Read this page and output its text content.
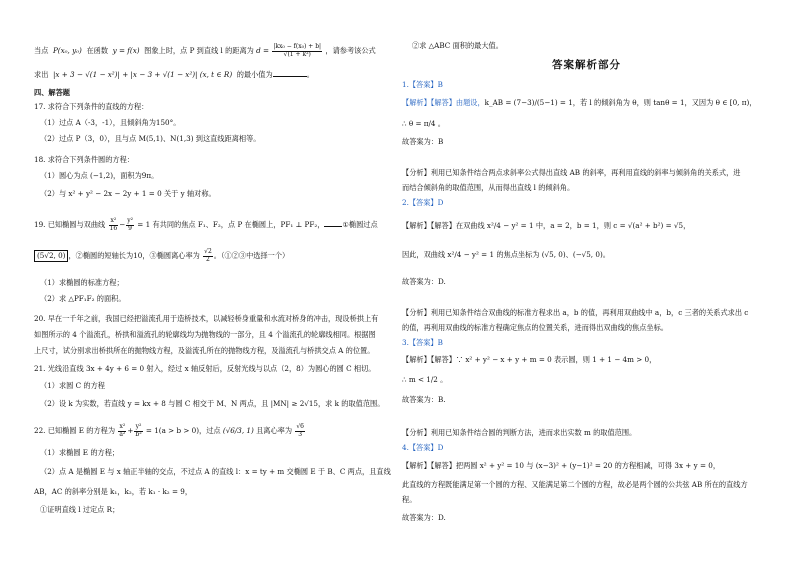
当点 P(x₀, y₀) 在函数 y = f(x) 图象上时，点 P 到直线 l 的距离为 $d = \frac{\text{|kx₀ − f(x₀) + b|}}{\text{√(1 + k²)}}$ ，请参考该公式
求出 |x + 3 − √(1 − x²)| + |x − 3 + √(1 − x²)| (x, t ∈ R) 的最小值为	。
四、解答题
17. 求符合下列条件的直线的方程：
（1）过点 A（-3，-1），且倾斜角为150°。
（2）过点 P（3，0），且与点 M(5,1)、N(1,3) 到这直线距离相等。
18. 求符合下列条件圆的方程：
（1）圆心为点 (−1,2)，面积为9π。
（2）与 x² + y² − 2x − 2y + 1 = 0 关于 y 轴对称。
19. 已知椭圆与双曲线 $\frac{\text{x²}}{16} - \frac{\text{y²}}{9} = 1$ 有共同的焦点 F₁、F₂，点 P 在椭圆上，PF₁ ⊥ PF₂，	①椭圆过点
(5√2, 0) ，②椭圆的短轴长为10，③椭圆离心率为 $\frac{√2}{2}$ 。（①②③中选择一个）
（1）求椭圆的标准方程；
（2）求 △PF₁F₂ 的面积。
20. 早在一千年之前，我国已经把溢流孔用于造桥技术，以减轻桥身重量和水流对桥身的冲击，现设桥拱上有
如图所示的 4 个溢流孔，桥拱和溢流孔的轮廓线均为抛物线的一部分，且 4 个溢流孔的轮廓线相同。根据图
上尺寸，试分别求出桥拱所在的抛物线方程，及溢流孔所在的抛物线方程，及溢流孔与桥拱交点 A 的位置。
21. 光线沿直线 3x + 4y + 6 = 0 射入，经过 x 轴反射后，反射光线与以点（2，8）为圆心的圆 C 相切。
（1）求圆 C 的方程
（2）设 k 为实数，若直线 y = kx + 8 与圆 C 相交于 M、N 两点，且 |MN| ≥ 2√15，求 k 的取值范围。
22. 已知椭圆 E 的方程为 $\frac{\text{x²}}{\text{a²}} + \frac{\text{y²}}{\text{b²}} = 1(a > b > 0)$，过点 (√6/3, 1) 且离心率为 $\frac{√6}{3}$
（1）求椭圆 E 的方程；
（2）点 A 是椭圆 E 与 x 轴正半轴的交点，不过点 A 的直线 l：x = ty + m 交椭圆 E 于 B、C 两点，且直线
AB，AC 的斜率分别是 k₁，k₂，若 k₁ · k₂ = 9，
①证明直线 l 过定点 R；
②求 △ABC 面积的最大值。
答案解析部分
1.【答案】B
【解析】【解答】由题设，k_AB = (7−3)/(5−1) = 1，若 l 的倾斜角为 θ，则 tanθ = 1，又因为 θ ∈ [0, π)，
∴ θ = π/4 。
故答案为：B
【分析】利用已知条件结合两点求斜率公式得出直线 AB 的斜率，再利用直线的斜率与倾斜角的关系式，进
而结合倾斜角的取值范围，从而得出直线 l 的倾斜角。
2.【答案】D
【解析】【解答】在双曲线 x²/4 − y² = 1 中，a = 2，b = 1，则 c = √(a² + b²) = √5，
因此，双曲线 x²/4 − y² = 1 的焦点坐标为 (√5, 0)、(−√5, 0)。
故答案为：D.
【分析】利用已知条件结合双曲线的标准方程求出 a，b 的值，再利用双曲线中 a，b，c 三者的关系式求出 c
的值，再利用双曲线的标准方程确定焦点的位置关系，进而得出双曲线的焦点坐标。
3.【答案】B
【解析】【解答】∵ x² + y² − x + y + m = 0 表示圆，则 1 + 1 − 4m > 0，
∴ m < 1/2 。
故答案为：B.
【分析】利用已知条件结合圆的判断方法，进而求出实数 m 的取值范围。
4.【答案】D
【解析】【解答】把两圆 x² + y² = 10 与 (x−3)² + (y−1)² = 20 的方程相减，可得 3x + y = 0，
此直线的方程既能满足第一个圆的方程、又能满足第二个圆的方程，故必是两个圆的公共弦 AB 所在的直线方
程。
故答案为：D.
